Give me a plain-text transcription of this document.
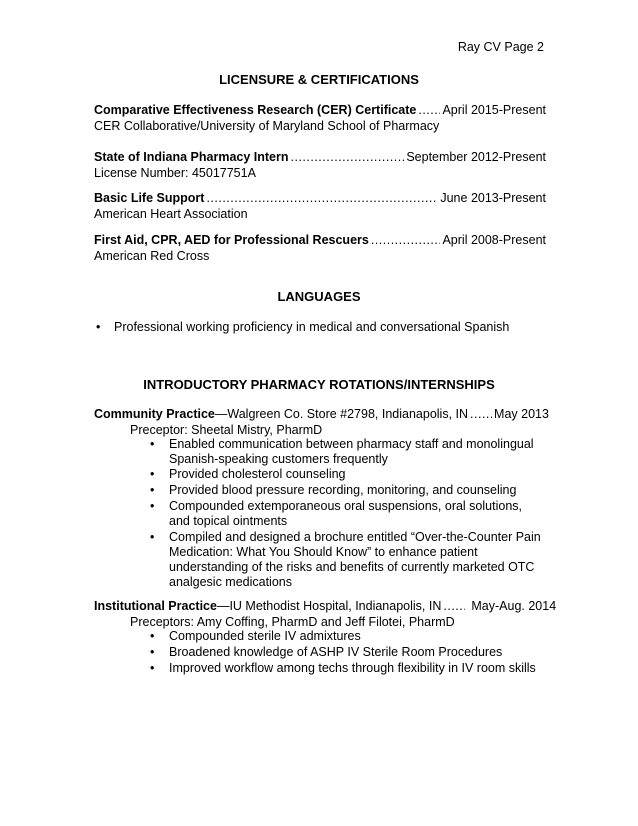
Ray CV Page 2
LICENSURE & CERTIFICATIONS
Comparative Effectiveness Research (CER) Certificate ..... April 2015-Present
CER Collaborative/University of Maryland School of Pharmacy
State of Indiana Pharmacy Intern .....	September 2012-Present
License Number: 45017751A
Basic Life Support .....	June 2013-Present
American Heart Association
First Aid, CPR, AED for Professional Rescuers .....	April 2008-Present
American Red Cross
LANGUAGES
• Professional working proficiency in medical and conversational Spanish
INTRODUCTORY PHARMACY ROTATIONS/INTERNSHIPS
Community Practice —Walgreen Co. Store #2798, Indianapolis, IN ..... May 2013
Preceptor: Sheetal Mistry, PharmD
• Enabled communication between pharmacy staff and monolingual
Spanish-speaking customers frequently
• Provided cholesterol counseling
• Provided blood pressure recording, monitoring, and counseling
• Compounded extemporaneous oral suspensions, oral solutions,
and topical ointments
• Compiled and designed a brochure entitled “Over-the-Counter Pain
Medication: What You Should Know” to enhance patient
understanding of the risks and benefits of currently marketed OTC
analgesic medications
Institutional Practice —IU Methodist Hospital, Indianapolis, IN ..... May-Aug. 2014
Preceptors: Amy Coffing, PharmD and Jeff Filotei, PharmD
• Compounded sterile IV admixtures
• Broadened knowledge of ASHP IV Sterile Room Procedures
• Improved workflow among techs through flexibility in IV room skills
